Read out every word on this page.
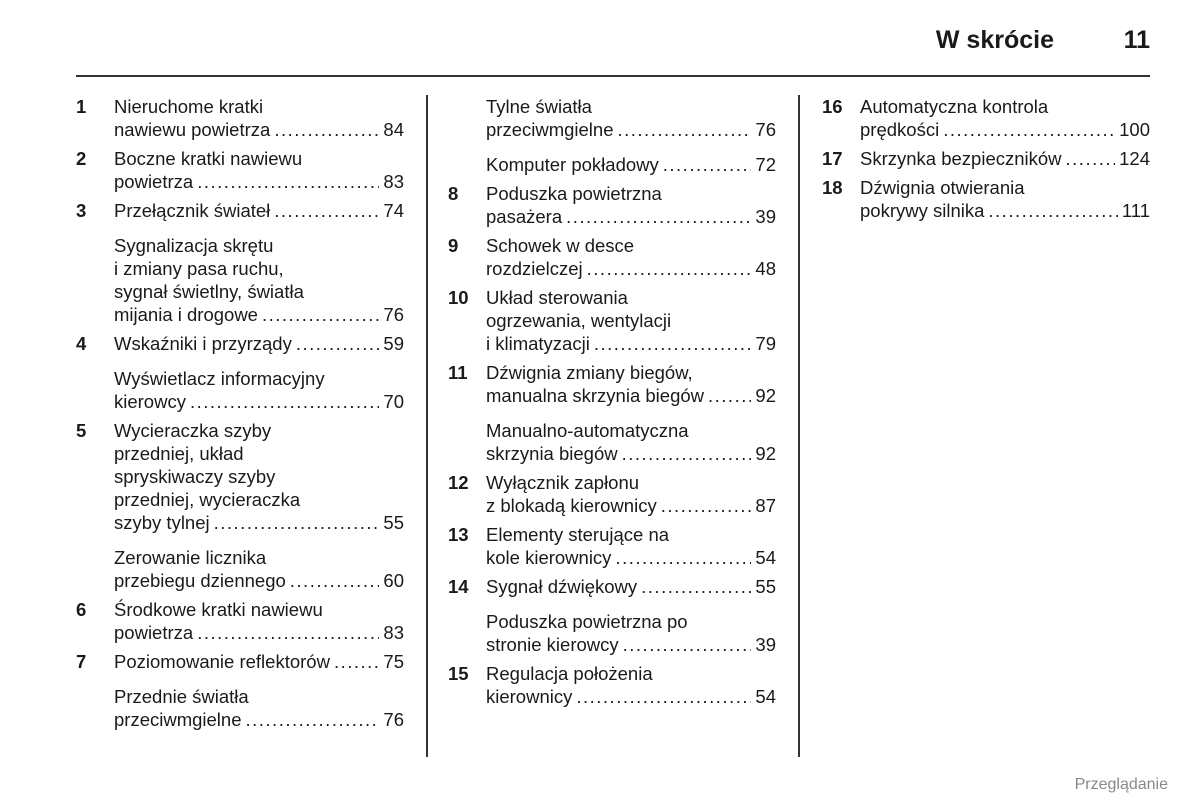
W skrócie	11
1 Nieruchome kratki
nawiewu powietrza .....	84
2 Boczne kratki nawiewu
powietrza .....	83
3 Przełącznik świateł .....	74
Sygnalizacja skrętu
i zmiany pasa ruchu,
sygnał świetlny, światła
mijania i drogowe .....	76
4 Wskaźniki i przyrządy .....	59
Wyświetlacz informacyjny
kierowcy .....	70
5 Wycieraczka szyby
przedniej, układ
spryskiwaczy szyby
przedniej, wycieraczka
szyby tylnej .....	55
Zerowanie licznika
przebiegu dziennego .....	60
6 Środkowe kratki nawiewu
powietrza .....	83
7 Poziomowanie reflektorów .....	75
Przednie światła
przeciwmgielne .....	76
Tylne światła
przeciwmgielne .....	76
Komputer pokładowy .....	72
8 Poduszka powietrzna
pasażera .....	39
9 Schowek w desce
rozdzielczej .....	48
10 Układ sterowania
ogrzewania, wentylacji
i klimatyzacji .....	79
11 Dźwignia zmiany biegów,
manualna skrzynia biegów .....	92
Manualno-automatyczna
skrzynia biegów .....	92
12 Wyłącznik zapłonu
z blokadą kierownicy .....	87
13 Elementy sterujące na
kole kierownicy .....	54
14 Sygnał dźwiękowy .....	55
Poduszka powietrzna po
stronie kierowcy .....	39
15 Regulacja położenia
kierownicy .....	54
16 Automatyczna kontrola
prędkości .....	100
17 Skrzynka bezpieczników .....	124
18 Dźwignia otwierania
pokrywy silnika .....	111
Przeglądanie
